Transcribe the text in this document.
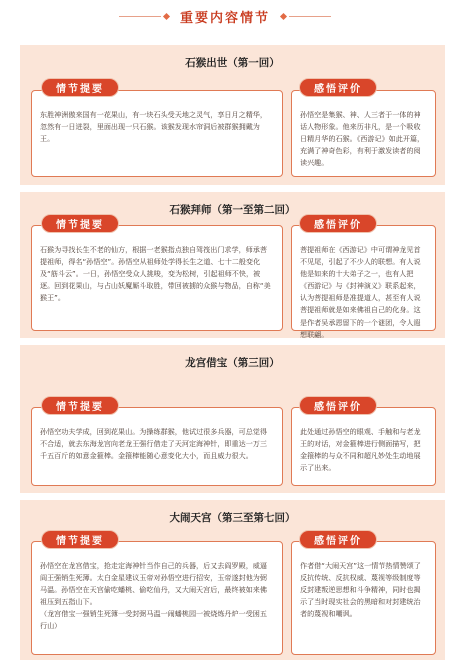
重要内容情节
石猴出世（第一回）
东胜神洲傲来国有一花果山，有一块石头受天地之灵气，享日月之精华，忽然有一日迸裂，里面出现一只石猴。该猴发现水帘洞后被群猴拥戴为王。
情节提要
孙悟空是集猴、神、人三者于一体的神话人物形象。他来历非凡，是一个吸收日精月华的石猴。《西游记》如此开篇，充满了神奇色彩，有利于激发读者的阅读兴趣。
感悟评价
石猴拜师（第一至第二回）
石猴为寻找长生不老的仙方，根据一老猴指点独自驾筏出门求学，师承菩提祖师，得名“孙悟空”。孙悟空从祖师处学得长生之道、七十二般变化及“筋斗云”。一日，孙悟空受众人挑唆，变为松树，引起祖师不快，被逐。回到花果山，与占山妖魔厮斗取胜，带回被掳的众猴与物品，自称“美猴王”。
情节提要
菩提祖师在《西游记》中可谓神龙见首不见尾，引起了不少人的联想。有人说他是如来的十大弟子之一，也有人把《西游记》与《封神演义》联系起来，认为菩提祖师是准提道人，甚至有人说菩提祖师就是如来佛祖自己的化身。这是作者吴承恩留下的一个谜团，令人遐想联翩。
感悟评价
龙宫借宝（第三回）
孙悟空功夫学成，回到花果山。为操练群猴，他试过很多兵器，可总觉得不合适，就去东海龙宫向老龙王强行借走了天河定海神针，即重达一万三千五百斤的如意金箍棒。金箍棒能随心意变化大小，而且威力很大。
情节提要
此处通过孙悟空的眼观、手触和与老龙王的对话，对金箍棒进行侧面描写，把金箍棒的与众不同和超凡妙处生动地展示了出来。
感悟评价
大闹天宫（第三至第七回）
孙悟空在龙宫借宝，抢走定海神针当作自己的兵器，后又去阎罗殿，威逼阎王强销生死簿。太白金星建议玉帝对孙悟空进行招安，玉帝遂封他为弼马温。孙悟空在天宫偷吃蟠桃、偷吃仙丹，又大闹天宫后，最终被如来佛祖压到五指山下。
（龙宫借宝一强销生死簿一受封弼马温一闹蟠桃园一被烧炼丹炉一受困五行山）
情节提要
作者借“大闹天宫”这一情节热情赞颂了反抗传统、反抗权威、蔑视等级制度等反封建叛逆思想和斗争精神，同时也揭示了当时现实社会的黑暗和对封建统治者的蔑视和嘲讽。
感悟评价
